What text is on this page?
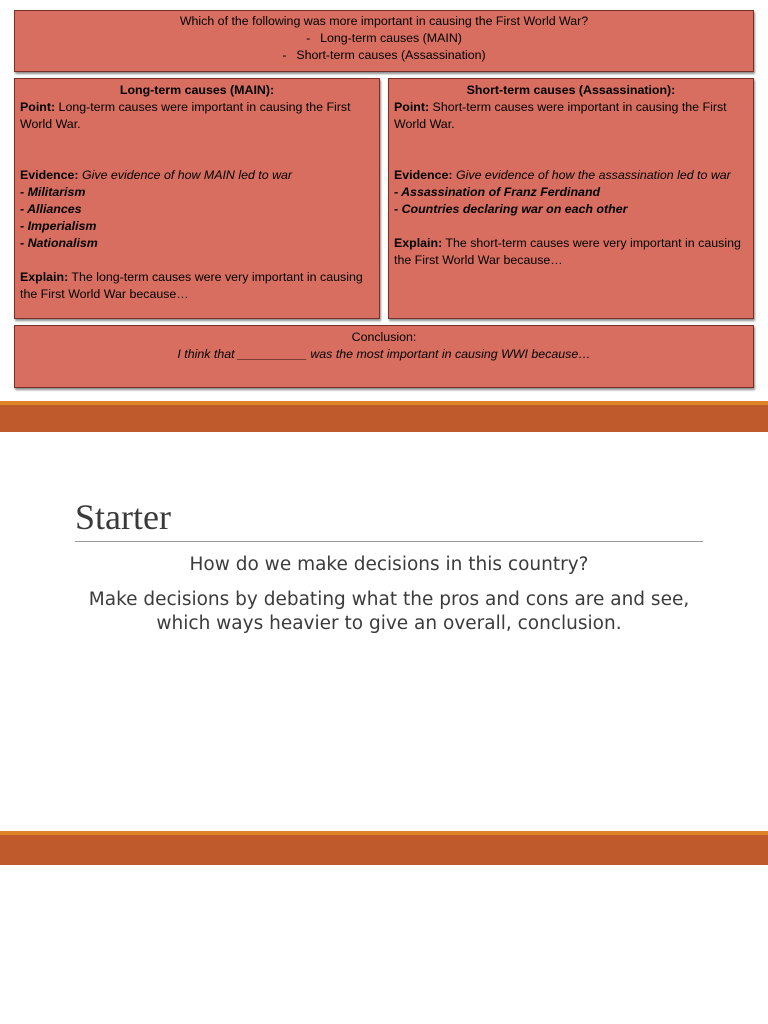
Which of the following was more important in causing the First World War?
- Long-term causes (MAIN)
- Short-term causes (Assassination)
Long-term causes (MAIN):
Point: Long-term causes were important in causing the First World War.
Evidence: Give evidence of how MAIN led to war
- Militarism
- Alliances
- Imperialism
- Nationalism
Explain: The long-term causes were very important in causing the First World War because…
Short-term causes (Assassination):
Point: Short-term causes were important in causing the First World War.
Evidence: Give evidence of how the assassination led to war
- Assassination of Franz Ferdinand
- Countries declaring war on each other
Explain: The short-term causes were very important in causing the First World War because…
Conclusion:
I think that __________ was the most important in causing WWI because…
Starter
How do we make decisions in this country?
Make decisions by debating what the pros and cons are and see, which ways heavier to give an overall, conclusion.
